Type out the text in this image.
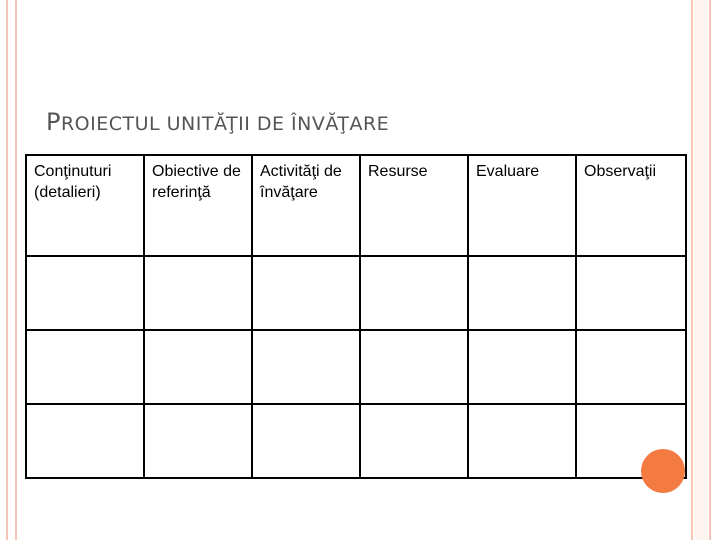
PROIECTUL UNITĂŢII DE ÎNVĂŢARE
Conţinuturi (detalieri)	Obiective de referinţă	Activităţi de învăţare	Resurse	Evaluare	Observaţii
